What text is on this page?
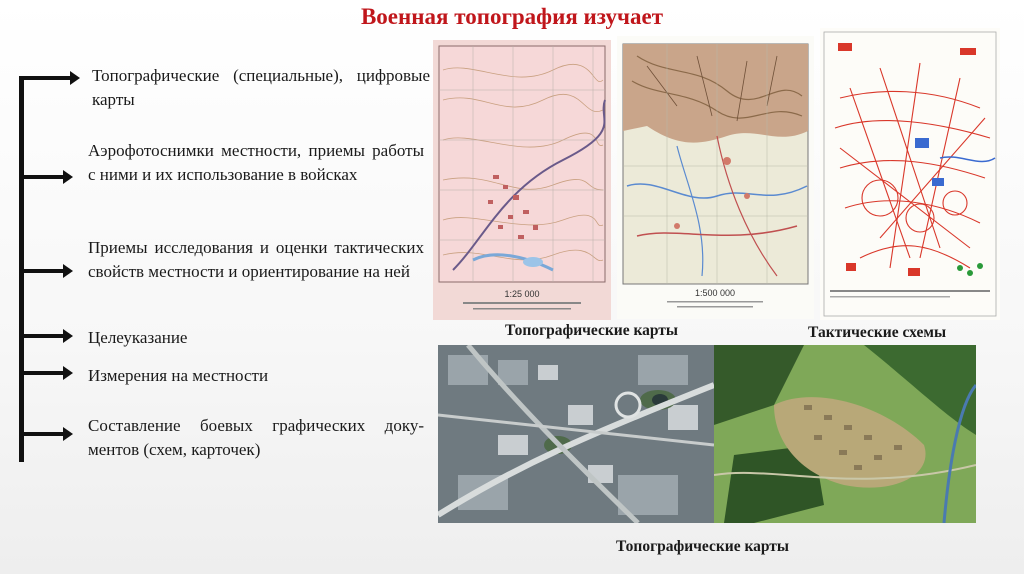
Военная топография изучает
Топографические (специальные), цифровые карты
Аэрофотоснимки местности, приемы работы с ними и их использование в войсках
Приемы исследования и оценки тактических свойств местности и ориентирование на ней
Целеуказание
Измерения на местности
Составление боевых графических доку-ментов (схем, карточек)
1:25 000	1:500 000
Топографические карты	Тактические схемы
Топографические карты
